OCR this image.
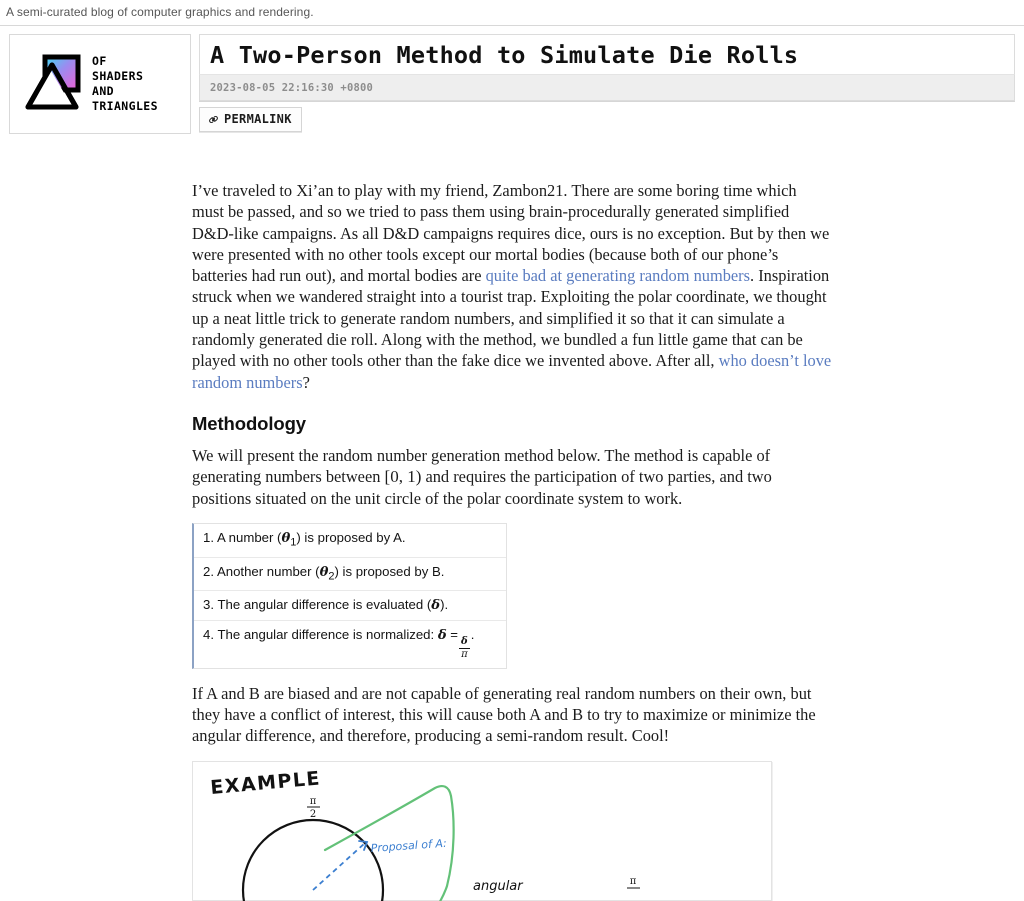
A semi-curated blog of computer graphics and rendering.
OF
SHADERS
AND
TRIANGLES
A Two-Person Method to Simulate Die Rolls
2023-08-05 22:16:30 +0800
PERMALINK

I’ve traveled to Xi’an to play with my friend, Zambon21. There are some boring time which must be passed, and so we tried to pass them using brain-procedurally generated simplified D&D-like campaigns. As all D&D campaigns requires dice, ours is no exception. But by then we were presented with no other tools except our mortal bodies (because both of our phone’s batteries had run out), and mortal bodies are quite bad at generating random numbers. Inspiration struck when we wandered straight into a tourist trap. Exploiting the polar coordinate, we thought up a neat little trick to generate random numbers, and simplified it so that it can simulate a randomly generated die roll. Along with the method, we bundled a fun little game that can be played with no other tools other than the fake dice we invented above. After all, who doesn’t love random numbers?

Methodology

We will present the random number generation method below. The method is capable of generating numbers between [0, 1) and requires the participation of two parties, and two positions situated on the unit circle of the polar coordinate system to work.

1. A number $(\theta_1)$ is proposed by A.
2. Another number $(\theta_2)$ is proposed by B.
3. The angular difference is evaluated (δ).
4. The angular difference is normalized: δ =
$\frac{\delta}{\pi}$
.

If A and B are biased and are not capable of generating real random numbers on their own, but they have a conflict of interest, this will cause both A and B to try to maximize or minimize the angular difference, and therefore, producing a semi-random result. Cool!

EXAMPLE
π
2
Proposal of A:
angular	π
